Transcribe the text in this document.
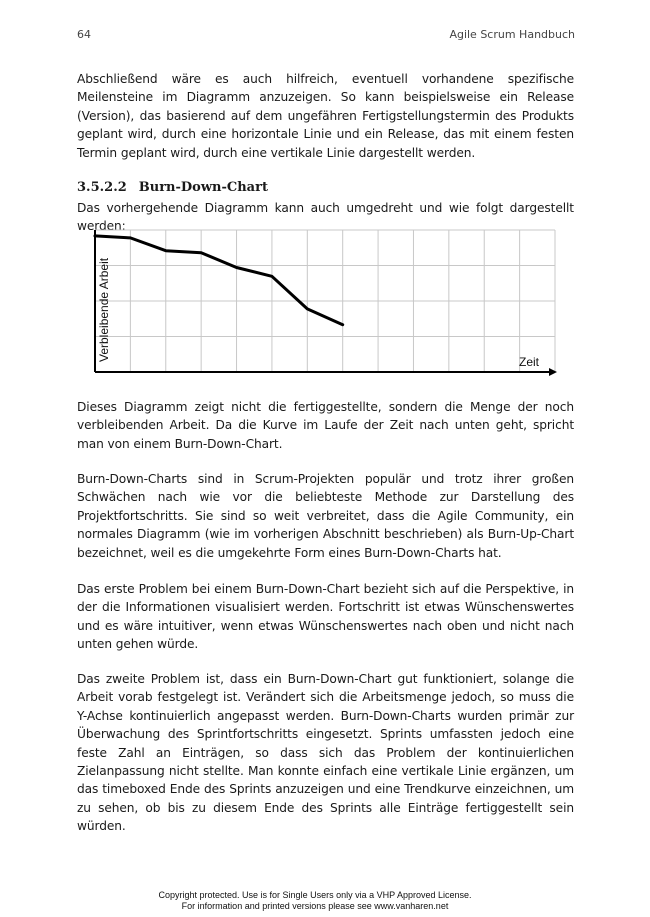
64	Agile Scrum Handbuch

Abschließend wäre es auch hilfreich, eventuell vorhandene spezifische Meilensteine im Diagramm anzuzeigen. So kann beispielsweise ein Release (Version), das basierend auf dem ungefähren Fertigstellungstermin des Produkts geplant wird, durch eine horizontale Linie und ein Release, das mit einem festen Termin geplant wird, durch eine vertikale Linie dargestellt werden.

3.5.2.2 Burn-Down-Chart

Das vorhergehende Diagramm kann auch umgedreht und wie folgt dargestellt werden:

Verbleibende Arbeit	Zeit

Dieses Diagramm zeigt nicht die fertiggestellte, sondern die Menge der noch verbleibenden Arbeit. Da die Kurve im Laufe der Zeit nach unten geht, spricht man von einem Burn-Down-Chart.

Burn-Down-Charts sind in Scrum-Projekten populär und trotz ihrer großen Schwächen nach wie vor die beliebteste Methode zur Darstellung des Projektfortschritts. Sie sind so weit verbreitet, dass die Agile Community, ein normales Diagramm (wie im vorherigen Abschnitt beschrieben) als Burn-Up-Chart bezeichnet, weil es die umgekehrte Form eines Burn-Down-Charts hat.

Das erste Problem bei einem Burn-Down-Chart bezieht sich auf die Perspektive, in der die Informationen visualisiert werden. Fortschritt ist etwas Wünschenswertes und es wäre intuitiver, wenn etwas Wünschenswertes nach oben und nicht nach unten gehen würde.

Das zweite Problem ist, dass ein Burn-Down-Chart gut funktioniert, solange die Arbeit vorab festgelegt ist. Verändert sich die Arbeitsmenge jedoch, so muss die Y-Achse kontinuierlich angepasst werden. Burn-Down-Charts wurden primär zur Überwachung des Sprintfortschritts eingesetzt. Sprints umfassten jedoch eine feste Zahl an Einträgen, so dass sich das Problem der kontinuierlichen Zielanpassung nicht stellte. Man konnte einfach eine vertikale Linie ergänzen, um das timeboxed Ende des Sprints anzuzeigen und eine Trendkurve einzeichnen, um zu sehen, ob bis zu diesem Ende des Sprints alle Einträge fertiggestellt sein würden.

Copyright protected. Use is for Single Users only via a VHP Approved License.
For information and printed versions please see www.vanharen.net
